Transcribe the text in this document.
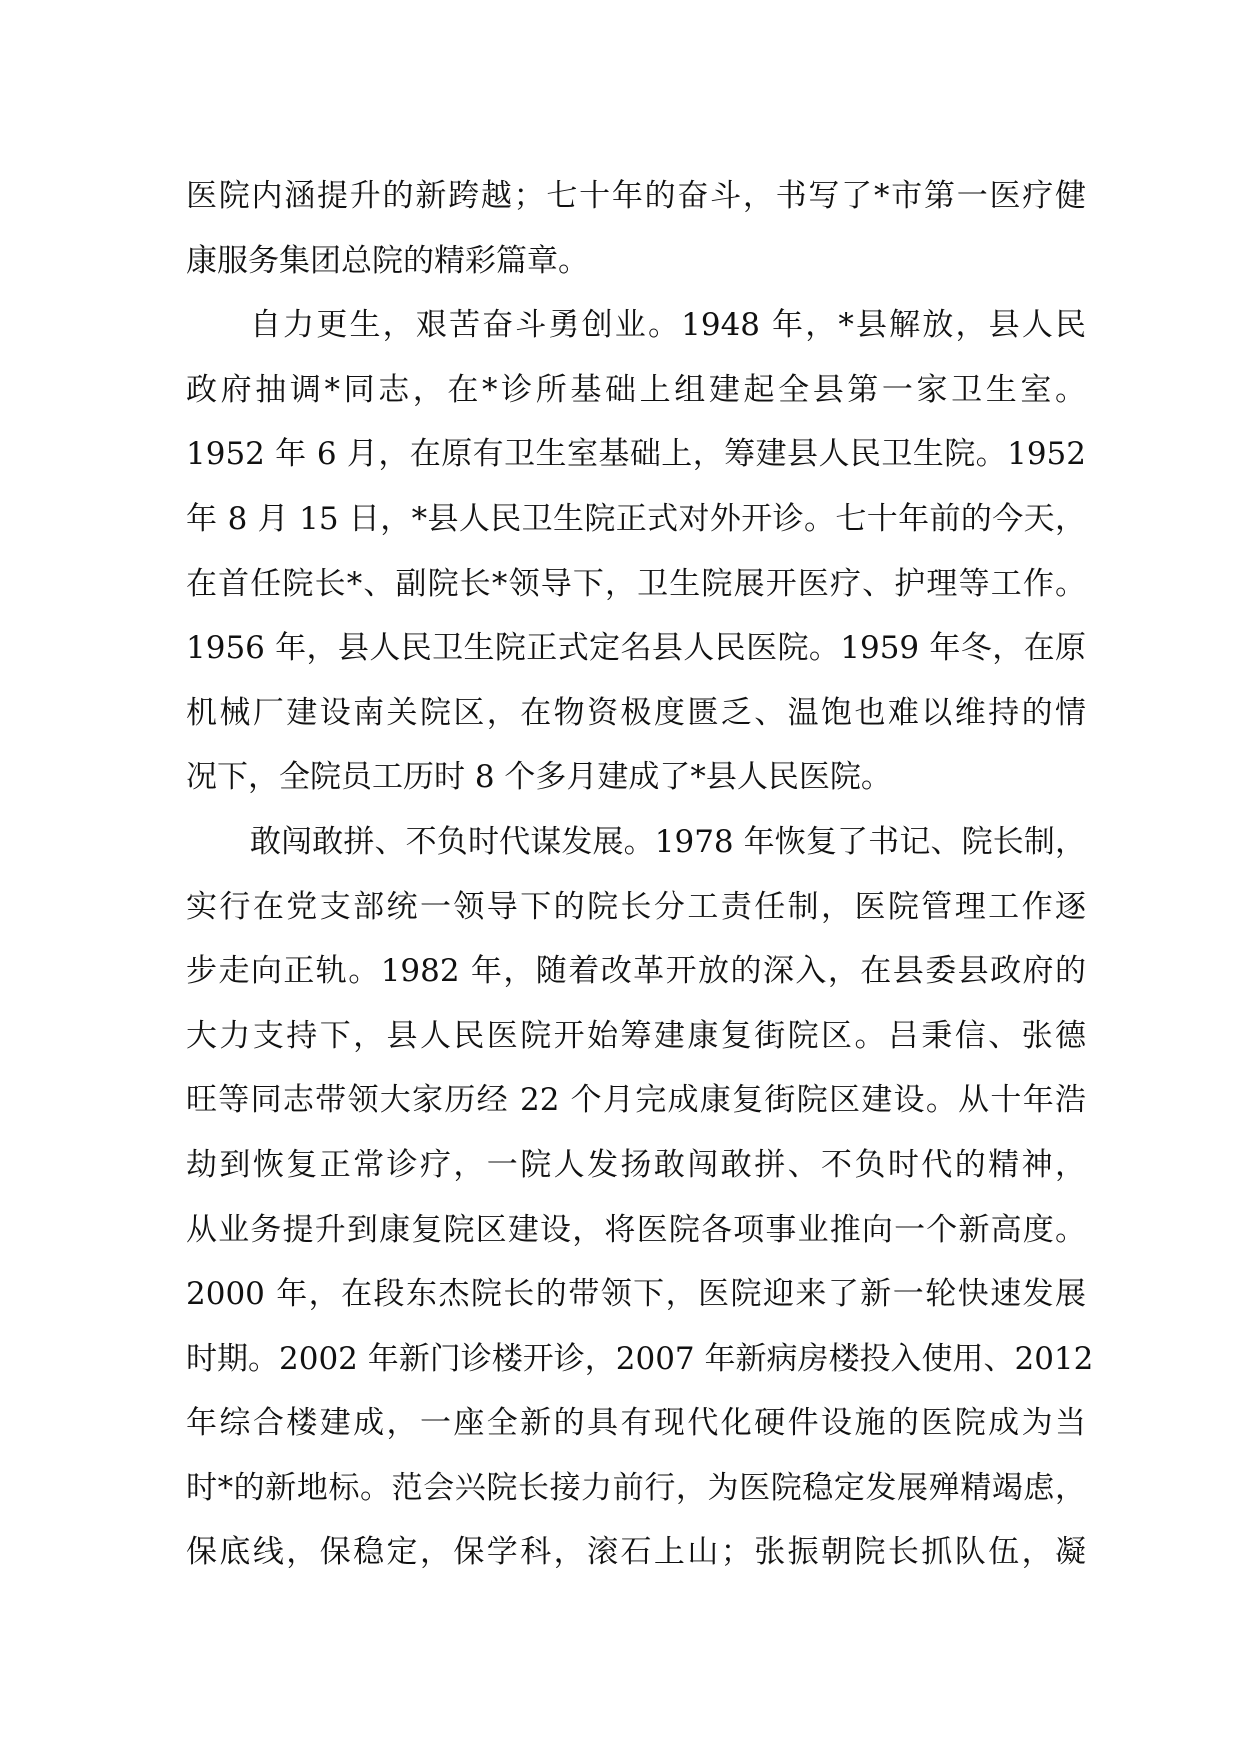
医院内涵提升的新跨越；七十年的奋斗，书写了*市第一医疗健
康服务集团总院的精彩篇章。
自力更生，艰苦奋斗勇创业。1948 年，*县解放，县人民
政府抽调*同志，在*诊所基础上组建起全县第一家卫生室。
1952 年 6 月，在原有卫生室基础上，筹建县人民卫生院。1952
年 8 月 15 日，*县人民卫生院正式对外开诊。七十年前的今天，
在首任院长*、副院长*领导下，卫生院展开医疗、护理等工作。
1956 年，县人民卫生院正式定名县人民医院。1959 年冬，在原
机械厂建设南关院区，在物资极度匮乏、温饱也难以维持的情
况下，全院员工历时 8 个多月建成了*县人民医院。
敢闯敢拼、不负时代谋发展。1978 年恢复了书记、院长制，
实行在党支部统一领导下的院长分工责任制，医院管理工作逐
步走向正轨。1982 年，随着改革开放的深入，在县委县政府的
大力支持下，县人民医院开始筹建康复街院区。吕秉信、张德
旺等同志带领大家历经 22 个月完成康复街院区建设。从十年浩
劫到恢复正常诊疗，一院人发扬敢闯敢拼、不负时代的精神，
从业务提升到康复院区建设，将医院各项事业推向一个新高度。
2000 年，在段东杰院长的带领下，医院迎来了新一轮快速发展
时期。2002 年新门诊楼开诊，2007 年新病房楼投入使用、2012
年综合楼建成，一座全新的具有现代化硬件设施的医院成为当
时*的新地标。范会兴院长接力前行，为医院稳定发展殚精竭虑，
保底线，保稳定，保学科，滚石上山；张振朝院长抓队伍，凝
